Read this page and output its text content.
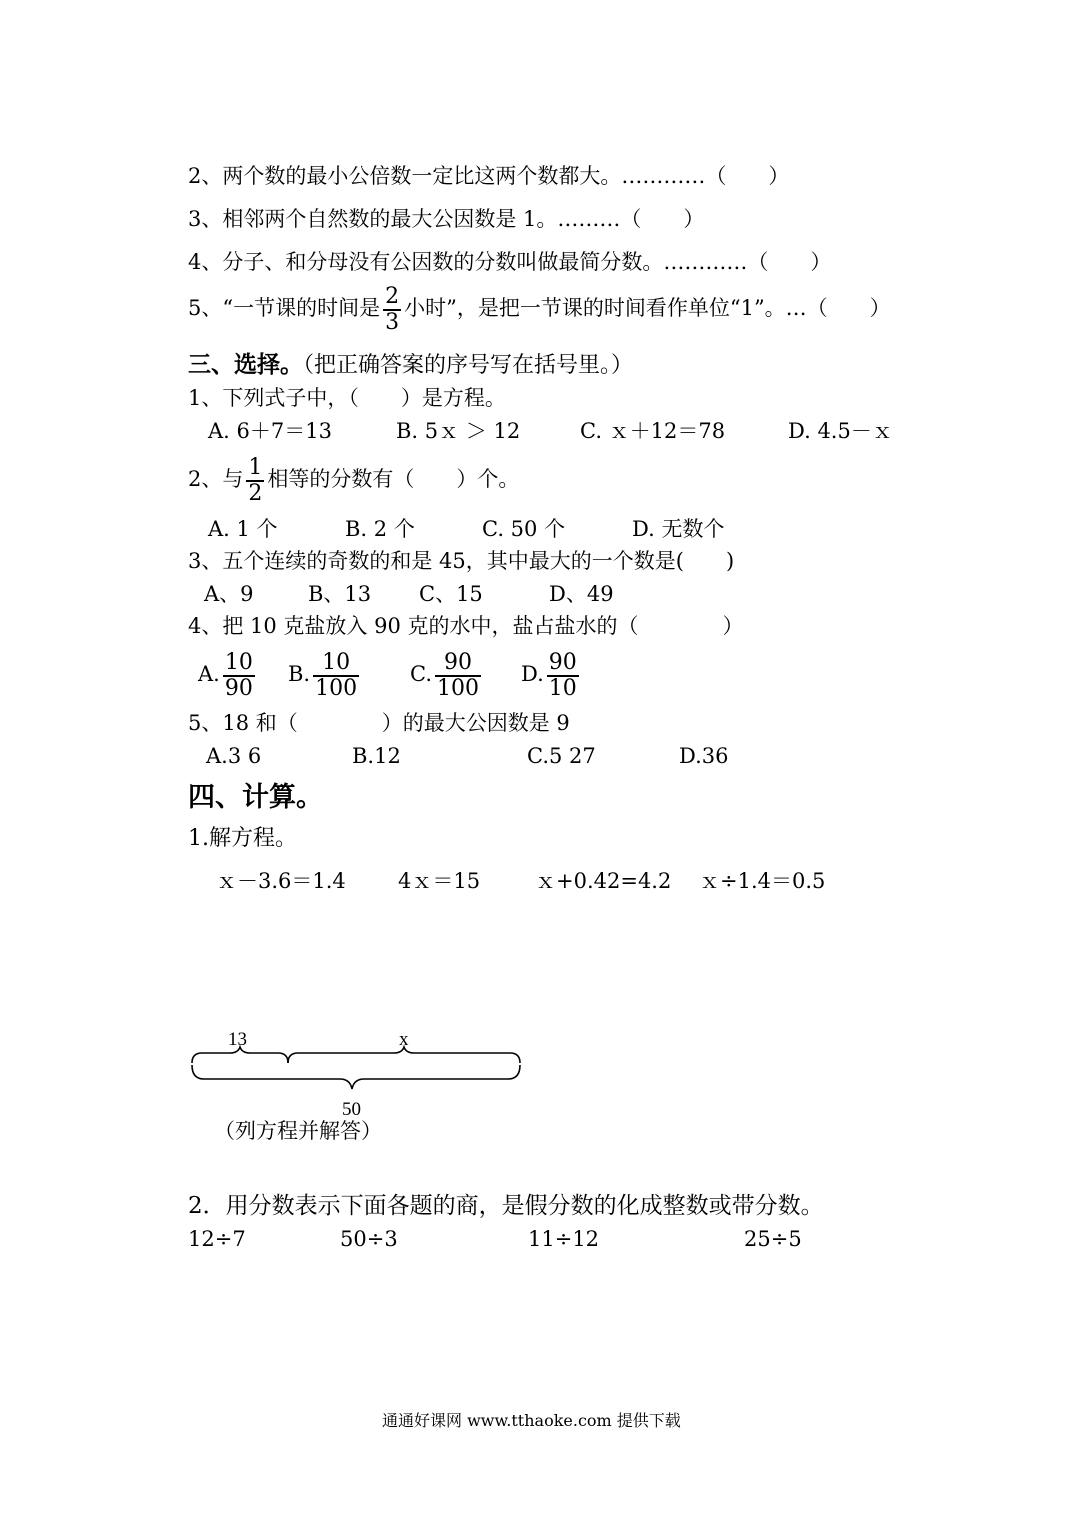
2、两个数的最小公倍数一定比这两个数都大。…………（　　）
3、相邻两个自然数的最大公因数是 1。………（　　）
4、分子、和分母没有公因数的分数叫做最简分数。…………（　　）
5、“一节课的时间是 $\frac{2}{3}$ 小时”，是把一节课的时间看作单位“1”。…（　　）
三、选择。（把正确答案的序号写在括号里。）
1、下列式子中，（　　）是方程。
A. 6＋7＝13	B. 5ｘ ＞ 12	C. ｘ＋12＝78	D. 4.5－ｘ
2、与 $\frac{1}{2}$ 相等的分数有（　　）个。
A. 1 个	B. 2 个	C. 50 个	D. 无数个
3、五个连续的奇数的和是 45，其中最大的一个数是(　　)
A、9	B、13 C、15	D、49
4、把 10 克盐放入 90 克的水中，盐占盐水的（　　　　）
A. $\frac{10}{90} B$. $\frac{10}{100} C$. $\frac{90}{100} D$. $\frac{90}{10}$
5、18 和（　　　　）的最大公因数是 9
A.3 6	B.12	C.5 27	D.36
四、计算。
1.解方程。
ｘ－3.6＝1.4 4ｘ＝15	ｘ+0.42=4.2 ｘ÷1.4＝0.5
13	x
50
（列方程并解答）
2．用分数表示下面各题的商，是假分数的化成整数或带分数。
12÷7	50÷3	11÷12	25÷5
通通好课网 www.tthaoke.com 提供下载
